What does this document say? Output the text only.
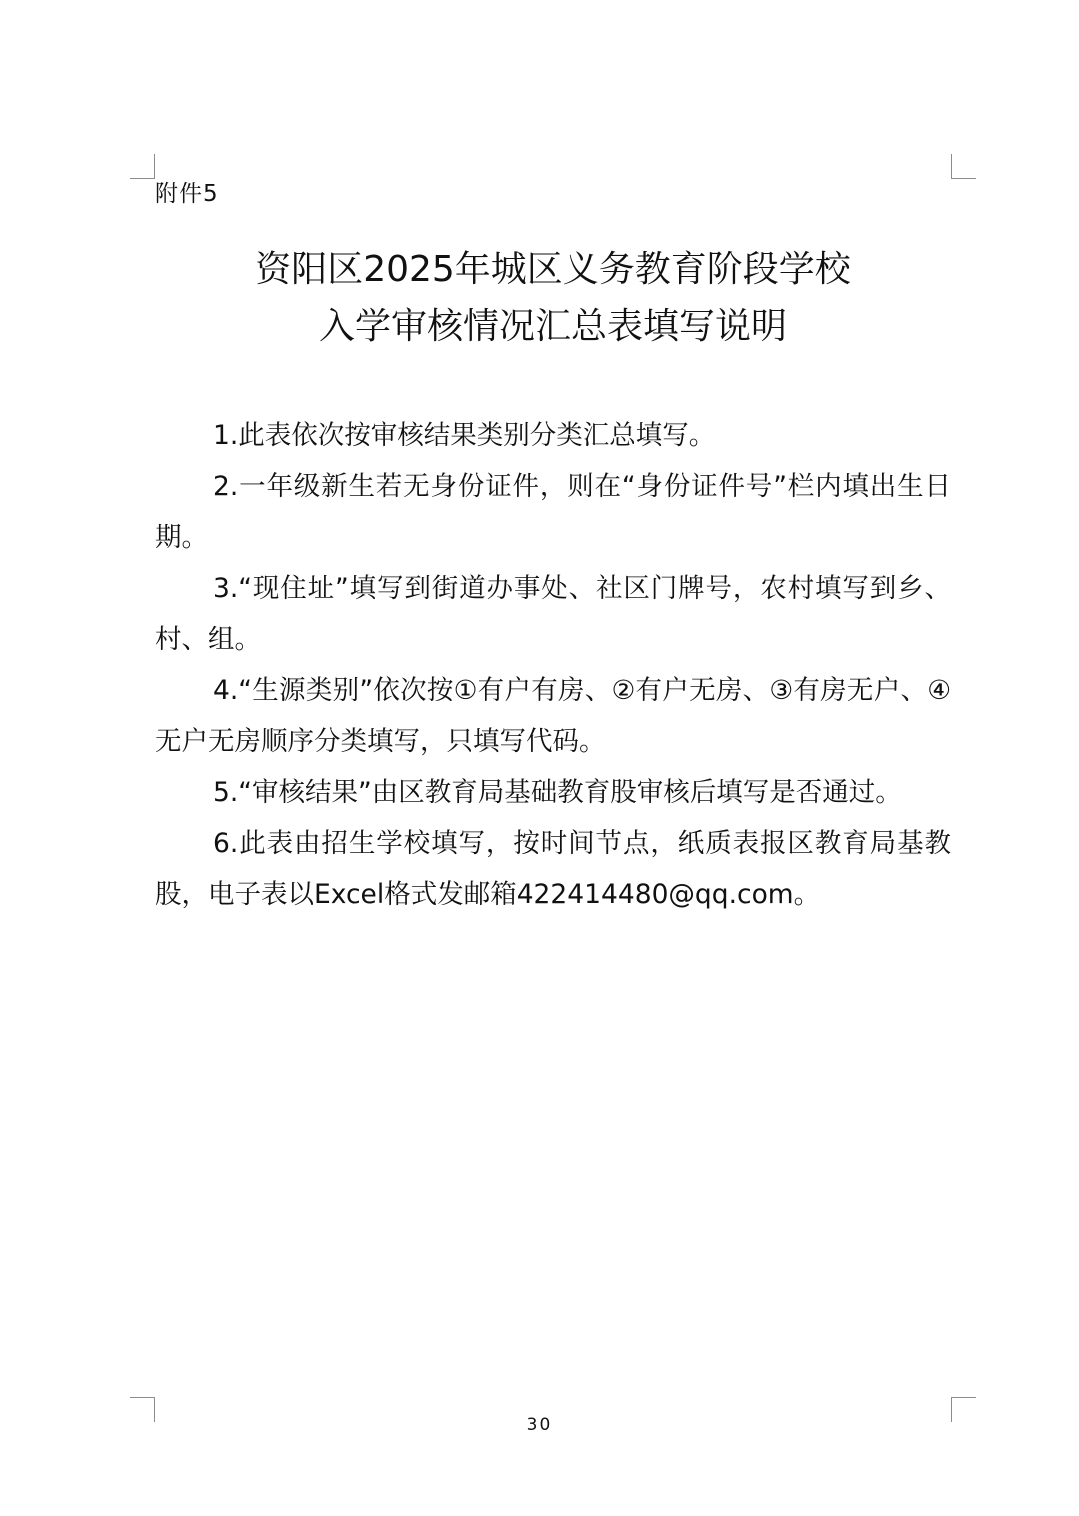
附件5
资阳区2025年城区义务教育阶段学校
入学审核情况汇总表填写说明

1.此表依次按审核结果类别分类汇总填写。

2.一年级新生若无身份证件，则在“身份证件号”栏内填出生日期。

3.“现住址”填写到街道办事处、社区门牌号，农村填写到乡、村、组。

4.“生源类别”依次按①有户有房、②有户无房、③有房无户、④无户无房顺序分类填写，只填写代码。

5.“审核结果”由区教育局基础教育股审核后填写是否通过。

6.此表由招生学校填写，按时间节点，纸质表报区教育局基教股，电子表以Excel格式发邮箱422414480@qq.com。

30
